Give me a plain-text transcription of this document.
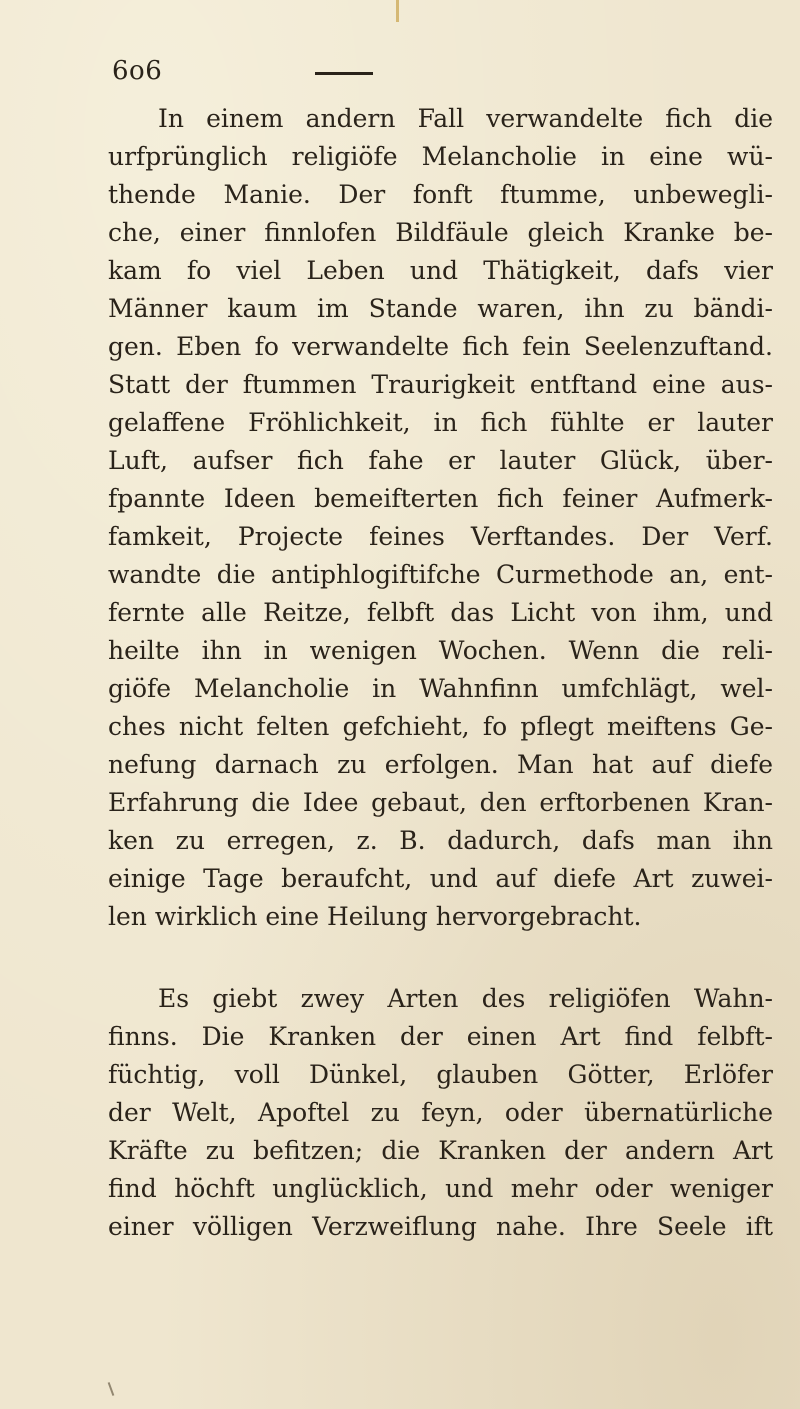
6o6
In einem andern Fall verwandelte fich die
urfprünglich religiöfe Melancholie in eine wü-
thende Manie. Der fonft ftumme, unbewegli-
che, einer finnlofen Bildfäule gleich Kranke be-
kam fo viel Leben und Thätigkeit, dafs vier
Männer kaum im Stande waren, ihn zu bändi-
gen. Eben fo verwandelte fich fein Seelenzuftand.
Statt der ftummen Traurigkeit entftand eine aus-
gelaffene Fröhlichkeit, in fich fühlte er lauter
Luft, aufser fich fahe er lauter Glück, über-
fpannte Ideen bemeifterten fich feiner Aufmerk-
famkeit, Projecte feines Verftandes. Der Verf.
wandte die antiphlogiftifche Curmethode an, ent-
fernte alle Reitze, felbft das Licht von ihm, und
heilte ihn in wenigen Wochen. Wenn die reli-
giöfe Melancholie in Wahnfinn umfchlägt, wel-
ches nicht felten gefchieht, fo pflegt meiftens Ge-
nefung darnach zu erfolgen. Man hat auf diefe
Erfahrung die Idee gebaut, den erftorbenen Kran-
ken zu erregen, z. B. dadurch, dafs man ihn
einige Tage beraufcht, und auf diefe Art zuwei-
len wirklich eine Heilung hervorgebracht.
Es giebt zwey Arten des religiöfen Wahn-
finns. Die Kranken der einen Art find felbft-
füchtig, voll Dünkel, glauben Götter, Erlöfer
der Welt, Apoftel zu feyn, oder übernatürliche
Kräfte zu befitzen; die Kranken der andern Art
find höchft unglücklich, und mehr oder weniger
einer völligen Verzweiflung nahe. Ihre Seele ift
